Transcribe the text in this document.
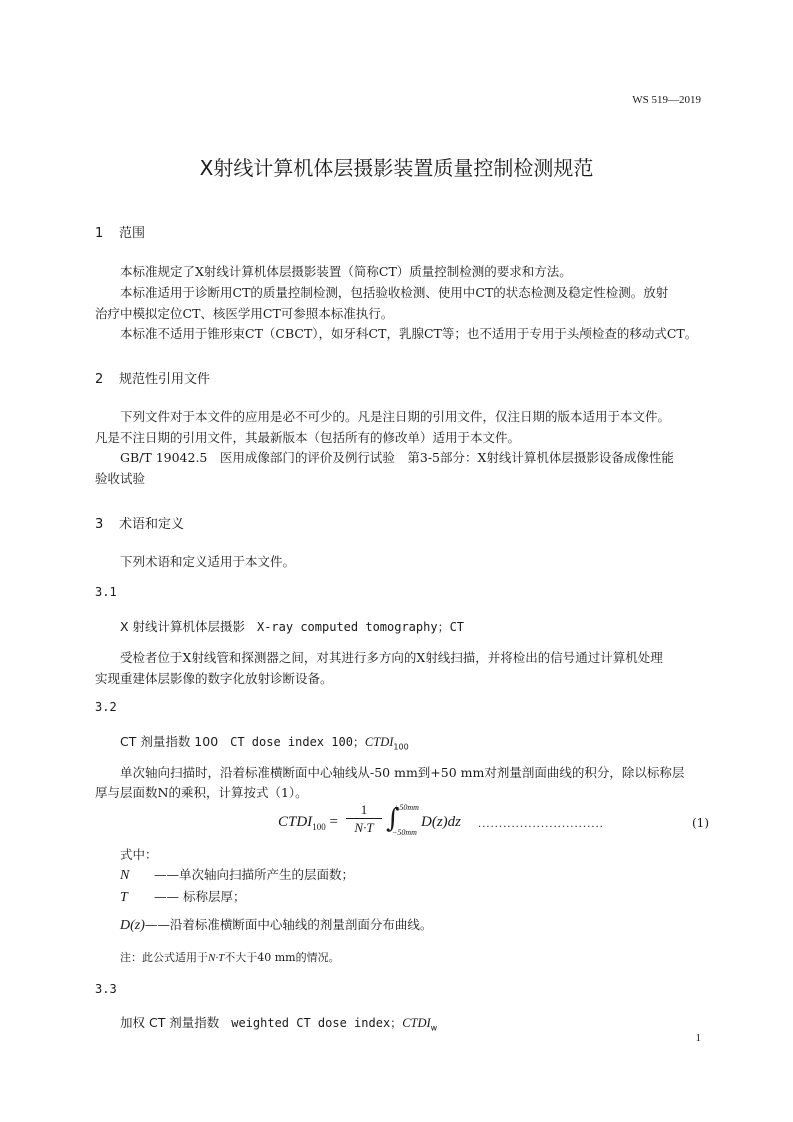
WS 519—2019
X射线计算机体层摄影装置质量控制检测规范
1 范围
本标准规定了X射线计算机体层摄影装置（简称CT）质量控制检测的要求和方法。
本标准适用于诊断用CT的质量控制检测，包括验收检测、使用中CT的状态检测及稳定性检测。放射
治疗中模拟定位CT、核医学用CT可参照本标准执行。
本标准不适用于锥形束CT（CBCT），如牙科CT，乳腺CT等；也不适用于专用于头颅检查的移动式CT。
2 规范性引用文件
下列文件对于本文件的应用是必不可少的。凡是注日期的引用文件，仅注日期的版本适用于本文件。
凡是不注日期的引用文件，其最新版本（包括所有的修改单）适用于本文件。
GB/T 19042.5　医用成像部门的评价及例行试验　第3-5部分：X射线计算机体层摄影设备成像性能
验收试验
3 术语和定义
下列术语和定义适用于本文件。
3.1
X 射线计算机体层摄影 X-ray computed tomography；CT
受检者位于X射线管和探测器之间，对其进行多方向的X射线扫描，并将检出的信号通过计算机处理
实现重建体层影像的数字化放射诊断设备。
3.2
CT 剂量指数 100 CT dose index 100；$CTDI_{100}$
单次轴向扫描时，沿着标准横断面中心轴线从-50 mm到+50 mm对剂量剖面曲线的积分，除以标称层
厚与层面数N的乘积，计算按式（1）。
$CTDI_{100} = \frac{1}{N\cdot T}$ ∫
+50mm
−50mm
D(z)dz ..............................	(1)
式中：
N ——单次轴向扫描所产生的层面数；
T —— 标称层厚；
D(z)——沿着标准横断面中心轴线的剂量剖面分布曲线。
注：此公式适用于N·T不大于40 mm的情况。
3.3
加权 CT 剂量指数 weighted CT dose index；$CTDI_w$
1
